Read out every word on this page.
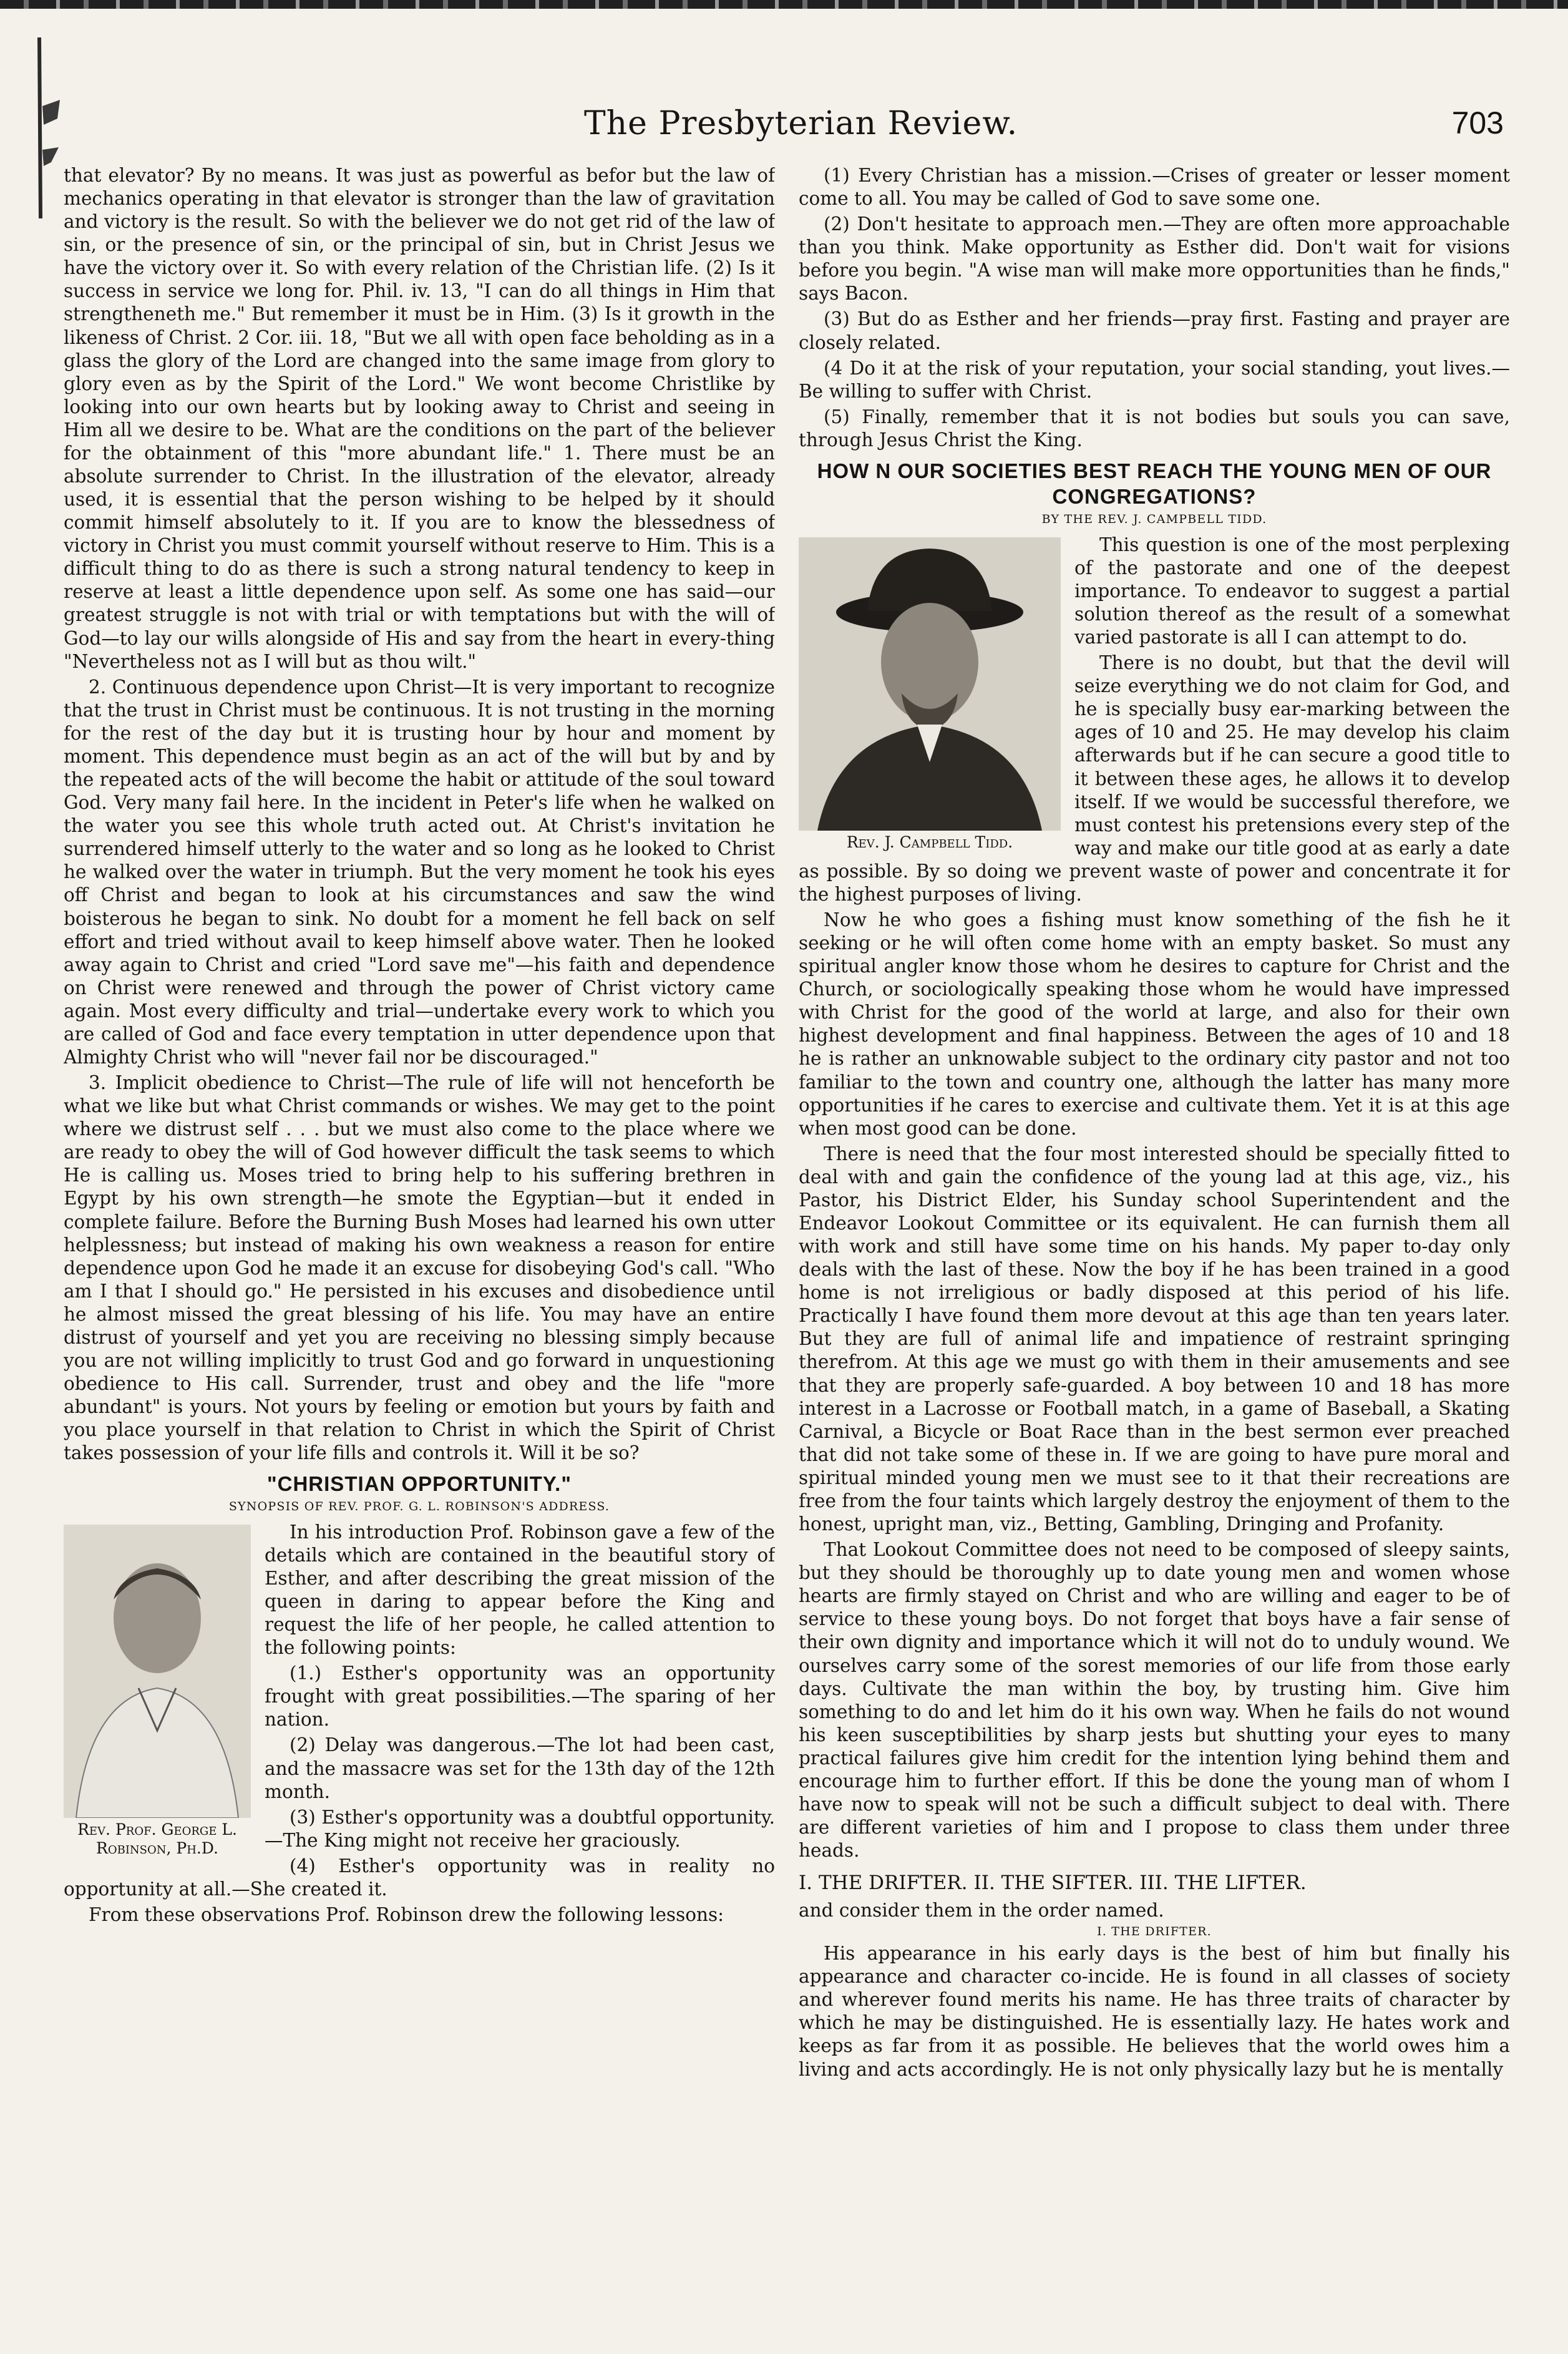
The Presbyterian Review.	703

that elevator? By no means. It was just as powerful as befor but the law of mechanics operating in that elevator is stronger than the law of gravitation and victory is the result. So with the believer we do not get rid of the law of sin, or the presence of sin, or the principal of sin, but in Christ Jesus we have the victory over it. So with every relation of the Christian life. (2) Is it success in service we long for. Phil. iv. 13, "I can do all things in Him that strengtheneth me." But remember it must be in Him. (3) Is it growth in the likeness of Christ. 2 Cor. iii. 18, "But we all with open face beholding as in a glass the glory of the Lord are changed into the same image from glory to glory even as by the Spirit of the Lord." We wont become Christlike by looking into our own hearts but by looking away to Christ and seeing in Him all we desire to be. What are the conditions on the part of the believer for the obtainment of this "more abundant life." 1. There must be an absolute surrender to Christ. In the illustration of the elevator, already used, it is essential that the person wishing to be helped by it should commit himself absolutely to it. If you are to know the blessedness of victory in Christ you must commit yourself without reserve to Him. This is a difficult thing to do as there is such a strong natural tendency to keep in reserve at least a little dependence upon self. As some one has said—our greatest struggle is not with trial or with temptations but with the will of God—to lay our wills alongside of His and say from the heart in every-thing "Nevertheless not as I will but as thou wilt."

2. Continuous dependence upon Christ—It is very important to recognize that the trust in Christ must be continuous. It is not trusting in the morning for the rest of the day but it is trusting hour by hour and moment by moment. This dependence must begin as an act of the will but by and by the repeated acts of the will become the habit or attitude of the soul toward God. Very many fail here. In the incident in Peter's life when he walked on the water you see this whole truth acted out. At Christ's invitation he surrendered himself utterly to the water and so long as he looked to Christ he walked over the water in triumph. But the very moment he took his eyes off Christ and began to look at his circumstances and saw the wind boisterous he began to sink. No doubt for a moment he fell back on self effort and tried without avail to keep himself above water. Then he looked away again to Christ and cried "Lord save me"—his faith and dependence on Christ were renewed and through the power of Christ victory came again. Most every difficulty and trial—undertake every work to which you are called of God and face every temptation in utter dependence upon that Almighty Christ who will "never fail nor be discouraged."

3. Implicit obedience to Christ—The rule of life will not henceforth be what we like but what Christ commands or wishes. We may get to the point where we distrust self . . . but we must also come to the place where we are ready to obey the will of God however difficult the task seems to which He is calling us. Moses tried to bring help to his suffering brethren in Egypt by his own strength—he smote the Egyptian—but it ended in complete failure. Before the Burning Bush Moses had learned his own utter helplessness; but instead of making his own weakness a reason for entire dependence upon God he made it an excuse for disobeying God's call. "Who am I that I should go." He persisted in his excuses and disobedience until he almost missed the great blessing of his life. You may have an entire distrust of yourself and yet you are receiving no blessing simply because you are not willing implicitly to trust God and go forward in unquestioning obedience to His call. Surrender, trust and obey and the life "more abundant" is yours. Not yours by feeling or emotion but yours by faith and you place yourself in that relation to Christ in which the Spirit of Christ takes possession of your life fills and controls it. Will it be so?

"CHRISTIAN OPPORTUNITY."
SYNOPSIS OF REV. PROF. G. L. ROBINSON'S ADDRESS.
Rev. Prof. George L.
Robinson, Ph.D.

In his introduction Prof. Robinson gave a few of the details which are contained in the beautiful story of Esther, and after describing the great mission of the queen in daring to appear before the King and request the life of her people, he called attention to the following points:

(1.) Esther's opportunity was an opportunity frought with great possibilities.—The sparing of her nation.

(2) Delay was dangerous.—The lot had been cast, and the massacre was set for the 13th day of the 12th month.

(3) Esther's opportunity was a doubtful opportunity.—The King might not receive her graciously.

(4) Esther's opportunity was in reality no opportunity at all.—She created it.

From these observations Prof. Robinson drew the following lessons:

(1) Every Christian has a mission.—Crises of greater or lesser moment come to all. You may be called of God to save some one.

(2) Don't hesitate to approach men.—They are often more approachable than you think. Make opportunity as Esther did. Don't wait for visions before you begin. "A wise man will make more opportunities than he finds," says Bacon.

(3) But do as Esther and her friends—pray first. Fasting and prayer are closely related.

(4 Do it at the risk of your reputation, your social standing, yout lives.—Be willing to suffer with Christ.

(5) Finally, remember that it is not bodies but souls you can save, through Jesus Christ the King.

HOW N OUR SOCIETIES BEST REACH THE YOUNG MEN OF OUR CONGREGATIONS?
BY THE REV. J. CAMPBELL TIDD.
Rev. J. Campbell Tidd.

This question is one of the most perplexing of the pastorate and one of the deepest importance. To endeavor to suggest a partial solution thereof as the result of a somewhat varied pastorate is all I can attempt to do.

There is no doubt, but that the devil will seize everything we do not claim for God, and he is specially busy ear-marking between the ages of 10 and 25. He may develop his claim afterwards but if he can secure a good title to it between these ages, he allows it to develop itself. If we would be successful therefore, we must contest his pretensions every step of the way and make our title good at as early a date as possible. By so doing we prevent waste of power and concentrate it for the highest purposes of living.

Now he who goes a fishing must know something of the fish he it seeking or he will often come home with an empty basket. So must any spiritual angler know those whom he desires to capture for Christ and the Church, or sociologically speaking those whom he would have impressed with Christ for the good of the world at large, and also for their own highest development and final happiness. Between the ages of 10 and 18 he is rather an unknowable subject to the ordinary city pastor and not too familiar to the town and country one, although the latter has many more opportunities if he cares to exercise and cultivate them. Yet it is at this age when most good can be done.

There is need that the four most interested should be specially fitted to deal with and gain the confidence of the young lad at this age, viz., his Pastor, his District Elder, his Sunday school Superintendent and the Endeavor Lookout Committee or its equivalent. He can furnish them all with work and still have some time on his hands. My paper to-day only deals with the last of these. Now the boy if he has been trained in a good home is not irreligious or badly disposed at this period of his life. Practically I have found them more devout at this age than ten years later. But they are full of animal life and impatience of restraint springing therefrom. At this age we must go with them in their amusements and see that they are properly safe-guarded. A boy between 10 and 18 has more interest in a Lacrosse or Football match, in a game of Baseball, a Skating Carnival, a Bicycle or Boat Race than in the best sermon ever preached that did not take some of these in. If we are going to have pure moral and spiritual minded young men we must see to it that their recreations are free from the four taints which largely destroy the enjoyment of them to the honest, upright man, viz., Betting, Gambling, Dringing and Profanity.

That Lookout Committee does not need to be composed of sleepy saints, but they should be thoroughly up to date young men and women whose hearts are firmly stayed on Christ and who are willing and eager to be of service to these young boys. Do not forget that boys have a fair sense of their own dignity and importance which it will not do to unduly wound. We ourselves carry some of the sorest memories of our life from those early days. Cultivate the man within the boy, by trusting him. Give him something to do and let him do it his own way. When he fails do not wound his keen susceptibilities by sharp jests but shutting your eyes to many practical failures give him credit for the intention lying behind them and encourage him to further effort. If this be done the young man of whom I have now to speak will not be such a difficult subject to deal with. There are different varieties of him and I propose to class them under three heads.

I. THE DRIFTER. II. THE SIFTER. III. THE LIFTER.

and consider them in the order named.

I. THE DRIFTER.

His appearance in his early days is the best of him but finally his appearance and character co-incide. He is found in all classes of society and wherever found merits his name. He has three traits of character by which he may be distinguished. He is essentially lazy. He hates work and keeps as far from it as possible. He believes that the world owes him a living and acts accordingly. He is not only physically lazy but he is mentally
